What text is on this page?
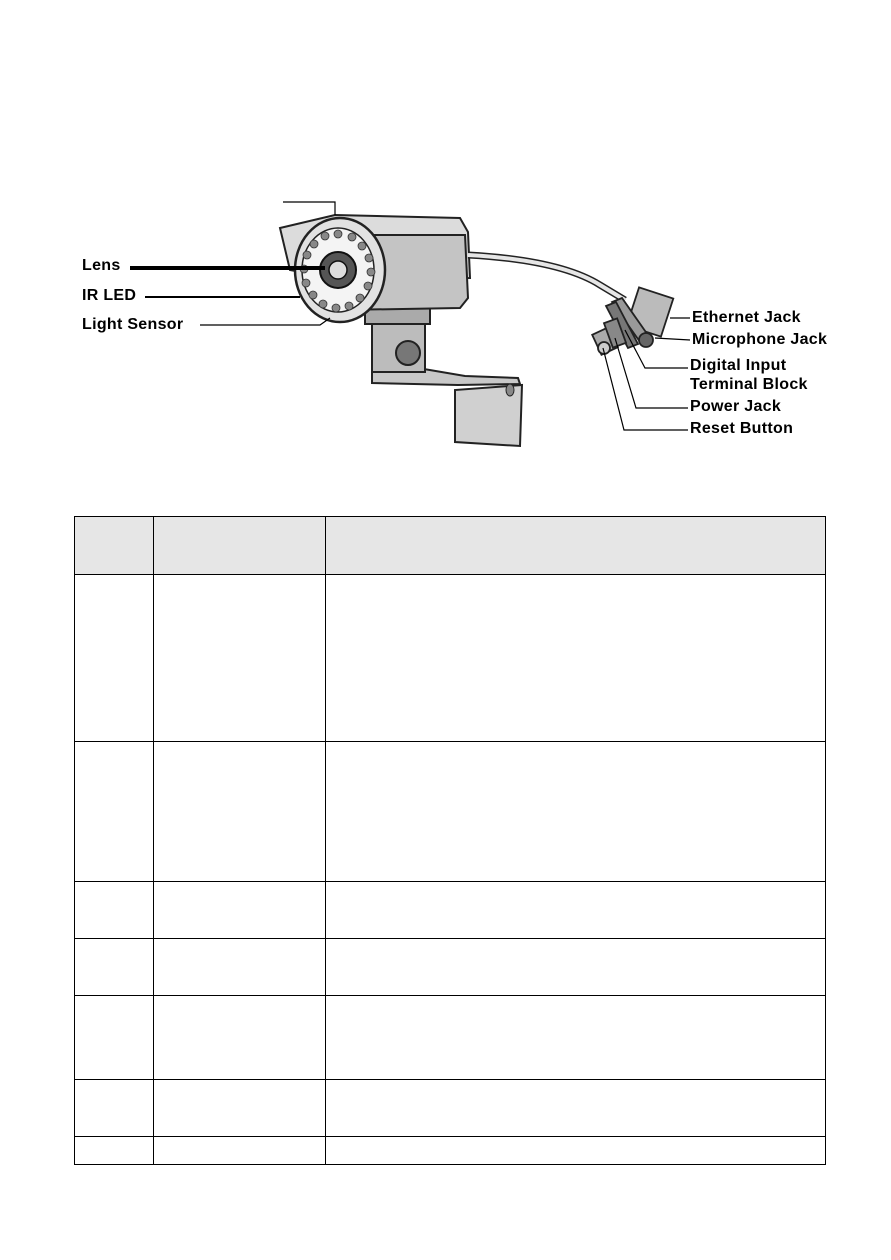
Lens
IR LED
Light Sensor	Ethernet Jack
Microphone Jack
Digital Input
Terminal Block
Power Jack
Reset Button
